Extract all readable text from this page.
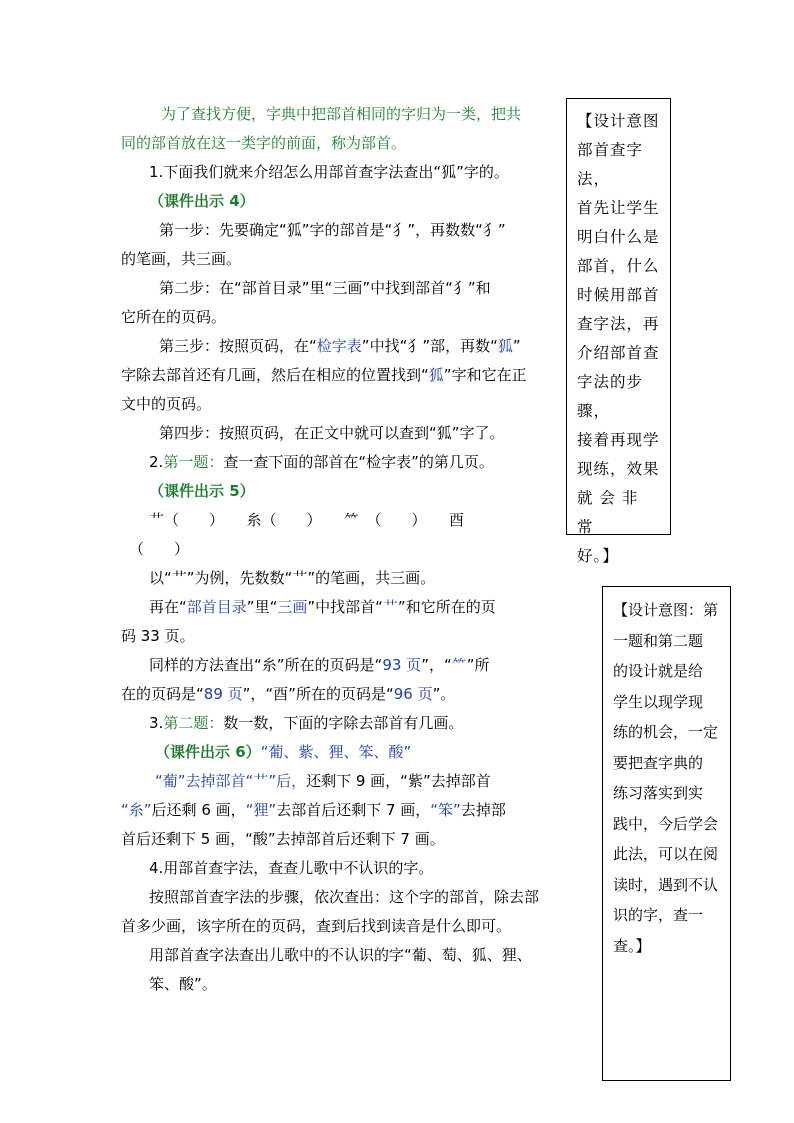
为了查找方便，字典中把部首相同的字归为一类，把共
同的部首放在这一类字的前面，称为部首。
1.下面我们就来介绍怎么用部首查字法查出“狐”字的。
（课件出示 4）
第一步：先要确定“狐”字的部首是“犭”，再数数“犭”
的笔画，共三画。
第二步：在“部首目录”里“三画”中找到部首“犭”和
它所在的页码。
第三步：按照页码，在“检字表”中找“犭”部，再数“狐”
字除去部首还有几画，然后在相应的位置找到“狐”字和它在正
文中的页码。
第四步：按照页码，在正文中就可以查到“狐”字了。
2.第一题：查一查下面的部首在“检字表”的第几页。
（课件出示 5）
艹（　　）　　糸（　　）　　⺮　（　　）　　酉
（　　）
以“艹”为例，先数数“艹”的笔画，共三画。
再在“部首目录”里“三画”中找部首“艹”和它所在的页
码 33 页。
同样的方法查出“糸”所在的页码是“93 页”，“⺮”所
在的页码是“89 页”，“酉”所在的页码是“96 页”。
3.第二题：数一数，下面的字除去部首有几画。
（课件出示 6）“葡、紫、狸、笨、酸”
“葡”去掉部首“艹”后，还剩下 9 画，“紫”去掉部首
“糸”后还剩 6 画，“狸”去部首后还剩下 7 画，“笨”去掉部
首后还剩下 5 画，“酸”去掉部首后还剩下 7 画。
4.用部首查字法，查查儿歌中不认识的字。
按照部首查字法的步骤，依次查出：这个字的部首，除去部
首多少画，该字所在的页码，查到后找到读音是什么即可。
用部首查字法查出儿歌中的不认识的字“葡、萄、狐、狸、
笨、酸”。

【设计意图

部首查字法，

首先让学生

明白什么是

部首，什么

时候用部首

查字法，再

介绍部首查

字法的步骤，

接着再现学

现练，效果

就 会 非 常

好。】

【设计意图：第

一题和第二题

的设计就是给

学生以现学现

练的机会，一定

要把查字典的

练习落实到实

践中，今后学会

此法，可以在阅

读时，遇到不认

识的字，查一

查。】
